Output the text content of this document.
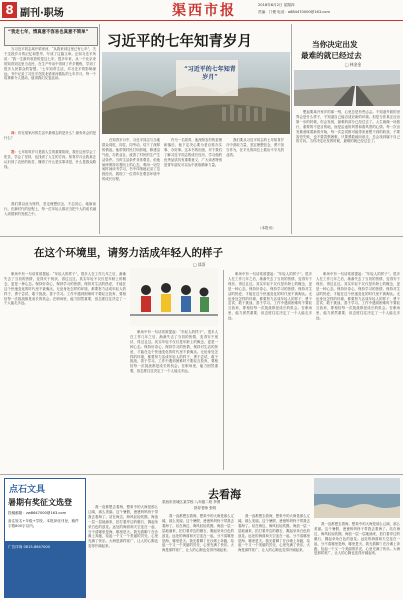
8 副刊·职场	渠西市报	2018年8月2日 星期四
责编：门俊 电话：a884470000@163.com
“我走七年，情真意不容易也真意不简单”

当习近平同志离开梁家河，“从我来到这里已有七年”，关于这段岁月的记忆和思考，写成了这篇文章。正如习近平所说：“我一生最有收获的是这七年，很多年来，从一个北京来的知青到这里当农民，在生产劳动中得到了许多锻炼，学到了很多人民群众的智慧。”七年知青生活，对习近平的影响深远。书中记录了习近平在陕北梁家河插队的七年岁月，每一个故事都令人感动，值得我们反复品读。

问：你在梁家河的生活中最难忘的是什么？最有体会的是什么？

答：七年知青岁月是我人生的重要阶段，我在这里学会了吃苦，学会了坚持，也找到了人生的方向。知青岁月让我真正认识到了农民的疾苦，懂得了什么是实事求是，什么是群众路线。

我们要以此为榜样，坚定理想信念，不忘初心，砥砺前行。在新时代的征程上，每一位年轻人都应当把个人的成长融入到国家的发展之中。

习近平的七年知青岁月
“习近平的七年知青岁月”

在知青岁月中，习近平同志与当地群众同吃、同住、同劳动，结下了深厚的情谊。他带领村民打坝淤地，修建沼气池，办铁业社，改善了村民的生产生活条件。当时生活条件非常艰苦，但他始终保持乐观向上的心态，利用一切空闲时间读书学习，书中详细地记录了这段经历，展现了一位青年在艰苦环境中的成长历程。

作为一名知青，他深知农村的贫困和落后，他下定决心要为老百姓办实事、办好事。这本书的出版，对于我们了解习近平同志的成长经历、学习他的优秀品质具有重要意义，广大读者特别是青年朋友可以从中汲取精神力量。

我们要从习近平同志的七年知青岁月中汲取力量，坚定理想信念，勇于担当作为，在平凡的岗位上做出不平凡的业绩。

（本报讯）
当你决定出发
最难的就已经过去
□ 林金金

想起要离开家乡的那一刻，心里总是有些忐忑。不知道外面的世界会是什么样子，不知道自己能否适应新的环境。但是当你真正迈出第一步的时候，你会发现，最难的部分已经过去了。人生就像一场旅行，重要的不是目的地，而是沿途的风景和看风景的心情。每一次出发都意味着新的开始，每一次尝试都可能带来意想不到的收获。不要害怕失败，也不要畏惧困难，只要勇敢地向前走，总会找到属于自己的方向。当你决定出发的时候，最难的就已经过去了。

在这个环境里，请努力活成年轻人的样子
□ 读哥

职场中有一句话常被提起：“年轻人的样子”。很多人在工作几年之后，渐渐失去了当初的热情，变得安于现状、得过且过。其实年轻不仅仅是年龄上的概念，更是一种心态。保持好奇心，保持学习的热情，保持对生活的热爱，才能在这个快速变化的时代里不被淘汰。无论身处怎样的环境，都要努力活成年轻人的样子，勇于尝试、敢于挑战、善于学习。工作中遇到困难时不要轻言放弃，要相信每一次挑战都是成长的机会。在职场里，能力固然重要，但态度往往决定了一个人能走多远。

职场中有一句话常被提起：“年轻人的样子”。很多人在工作几年之后，渐渐失去了当初的热情，变得安于现状、得过且过。其实年轻不仅仅是年龄上的概念，更是一种心态。保持好奇心，保持学习的热情，保持对生活的热爱，才能在这个快速变化的时代里不被淘汰。无论身处怎样的环境，都要努力活成年轻人的样子，勇于尝试、敢于挑战、善于学习。工作中遇到困难时不要轻言放弃，要相信每一次挑战都是成长的机会。在职场里，能力固然重要，但态度往往决定了一个人能走多远。

职场中有一句话常被提起：“年轻人的样子”。很多人在工作几年之后，渐渐失去了当初的热情，变得安于现状、得过且过。其实年轻不仅仅是年龄上的概念，更是一种心态。保持好奇心，保持学习的热情，保持对生活的热爱，才能在这个快速变化的时代里不被淘汰。无论身处怎样的环境，都要努力活成年轻人的样子，勇于尝试、敢于挑战、善于学习。工作中遇到困难时不要轻言放弃，要相信每一次挑战都是成长的机会。在职场里，能力固然重要，但态度往往决定了一个人能走多远。

职场中有一句话常被提起：“年轻人的样子”。很多人在工作几年之后，渐渐失去了当初的热情，变得安于现状、得过且过。其实年轻不仅仅是年龄上的概念，更是一种心态。保持好奇心，保持学习的热情，保持对生活的热爱，才能在这个快速变化的时代里不被淘汰。无论身处怎样的环境，都要努力活成年轻人的样子，勇于尝试、敢于挑战、善于学习。工作中遇到困难时不要轻言放弃，要相信每一次挑战都是成长的机会。在职场里，能力固然重要，但态度往往决定了一个人能走多远。

点石文具
暑期有奖征文选登
投稿邮箱：zw8647000@163.com
备注姓名+年级+学校，本报择优刊登，稿件字数800字以内。
广告详询 0815-8647000

我一直都想去看海，想象中的大海是那么辽阔，那么美丽。这个暑假，爸爸妈妈终于带我去看海了。站在海边，海风轻轻吹拂，海浪一层一层地涌来，拍打着岸边的礁石，溅起朵朵白色的浪花。远处的海面和天空连在一起，分不清哪里是海，哪里是天。我光着脚丫在沙滩上奔跑，捡起一个又一个美丽的贝壳，心里充满了快乐。大海是那样宽广，让人的心胸也变得开阔起来。

去看海
渠西市崇城区某学校 八年级二班 李勇
指导老师 张明

我一直都想去看海，想象中的大海是那么辽阔，那么美丽。这个暑假，爸爸妈妈终于带我去看海了。站在海边，海风轻轻吹拂，海浪一层一层地涌来，拍打着岸边的礁石，溅起朵朵白色的浪花。远处的海面和天空连在一起，分不清哪里是海，哪里是天。我光着脚丫在沙滩上奔跑，捡起一个又一个美丽的贝壳，心里充满了快乐。大海是那样宽广，让人的心胸也变得开阔起来。

我一直都想去看海，想象中的大海是那么辽阔，那么美丽。这个暑假，爸爸妈妈终于带我去看海了。站在海边，海风轻轻吹拂，海浪一层一层地涌来，拍打着岸边的礁石，溅起朵朵白色的浪花。远处的海面和天空连在一起，分不清哪里是海，哪里是天。我光着脚丫在沙滩上奔跑，捡起一个又一个美丽的贝壳，心里充满了快乐。大海是那样宽广，让人的心胸也变得开阔起来。

我一直都想去看海，想象中的大海是那么辽阔，那么美丽。这个暑假，爸爸妈妈终于带我去看海了。站在海边，海风轻轻吹拂，海浪一层一层地涌来，拍打着岸边的礁石，溅起朵朵白色的浪花。远处的海面和天空连在一起，分不清哪里是海，哪里是天。我光着脚丫在沙滩上奔跑，捡起一个又一个美丽的贝壳，心里充满了快乐。大海是那样宽广，让人的心胸也变得开阔起来。
